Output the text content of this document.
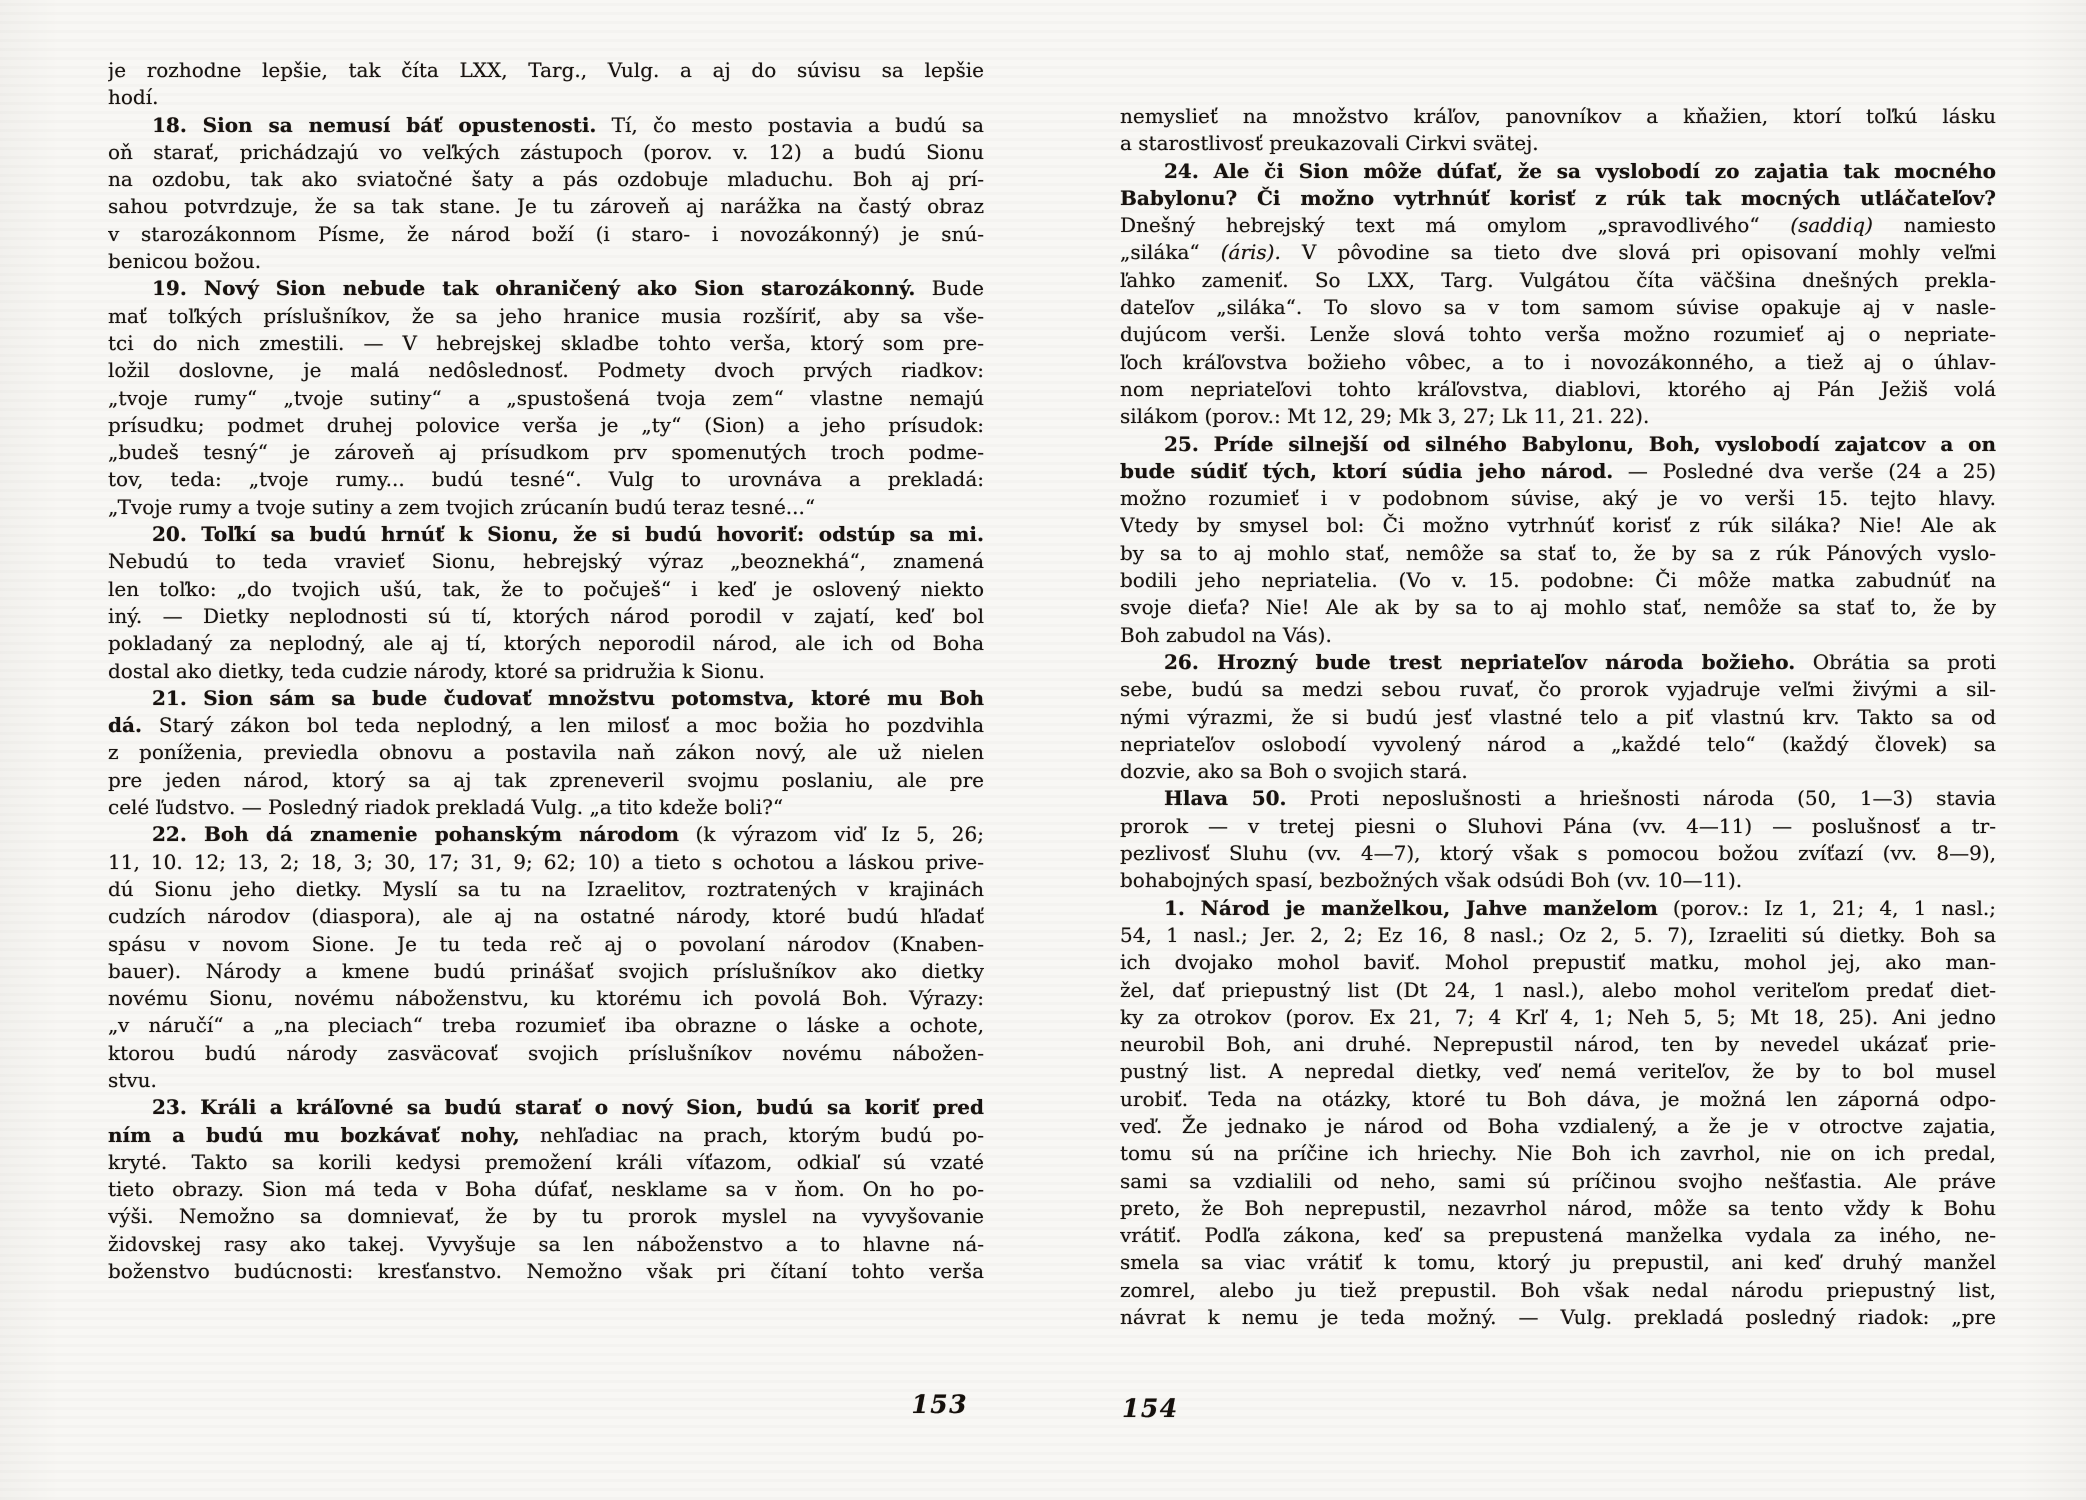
je rozhodne lepšie, tak číta LXX, Targ., Vulg. a aj do súvisu sa lepšie
hodí.
18. Sion sa nemusí báť opustenosti. Tí, čo mesto postavia a budú sa
oň starať, prichádzajú vo veľkých zástupoch (porov. v. 12) a budú Sionu
na ozdobu, tak ako sviatočné šaty a pás ozdobuje mladuchu. Boh aj prí-
sahou potvrdzuje, že sa tak stane. Je tu zároveň aj narážka na častý obraz
v starozákonnom Písme, že národ boží (i staro- i novozákonný) je snú-
benicou božou.
19. Nový Sion nebude tak ohraničený ako Sion starozákonný. Bude
mať toľkých príslušníkov, že sa jeho hranice musia rozšíriť, aby sa vše-
tci do nich zmestili. — V hebrejskej skladbe tohto verša, ktorý som pre-
ložil doslovne, je malá nedôslednosť. Podmety dvoch prvých riadkov:
„tvoje rumy“ „tvoje sutiny“ a „spustošená tvoja zem“ vlastne nemajú
prísudku; podmet druhej polovice verša je „ty“ (Sion) a jeho prísudok:
„budeš tesný“ je zároveň aj prísudkom prv spomenutých troch podme-
tov, teda: „tvoje rumy... budú tesné“. Vulg to urovnáva a prekladá:
„Tvoje rumy a tvoje sutiny a zem tvojich zrúcanín budú teraz tesné...“
20. Toľkí sa budú hrnúť k Sionu, že si budú hovoriť: odstúp sa mi.
Nebudú to teda vravieť Sionu, hebrejský výraz „beoznekhá“, znamená
len toľko: „do tvojich ušú, tak, že to počuješ“ i keď je oslovený niekto
iný. — Dietky neplodnosti sú tí, ktorých národ porodil v zajatí, keď bol
pokladaný za neplodný, ale aj tí, ktorých neporodil národ, ale ich od Boha
dostal ako dietky, teda cudzie národy, ktoré sa pridružia k Sionu.
21. Sion sám sa bude čudovať množstvu potomstva, ktoré mu Boh
dá. Starý zákon bol teda neplodný, a len milosť a moc božia ho pozdvihla
z poníženia, previedla obnovu a postavila naň zákon nový, ale už nielen
pre jeden národ, ktorý sa aj tak zpreneveril svojmu poslaniu, ale pre
celé ľudstvo. — Posledný riadok prekladá Vulg. „a tito kdeže boli?“
22. Boh dá znamenie pohanským národom (k výrazom viď Iz 5, 26;
11, 10. 12; 13, 2; 18, 3; 30, 17; 31, 9; 62; 10) a tieto s ochotou a láskou prive-
dú Sionu jeho dietky. Myslí sa tu na Izraelitov, roztratených v krajinách
cudzích národov (diaspora), ale aj na ostatné národy, ktoré budú hľadať
spásu v novom Sione. Je tu teda reč aj o povolaní národov (Knaben-
bauer). Národy a kmene budú prinášať svojich príslušníkov ako dietky
novému Sionu, novému náboženstvu, ku ktorému ich povolá Boh. Výrazy:
„v náručí“ a „na pleciach“ treba rozumieť iba obrazne o láske a ochote,
ktorou budú národy zasväcovať svojich príslušníkov novému nábožen-
stvu.
23. Králi a kráľovné sa budú starať o nový Sion, budú sa koriť pred
ním a budú mu bozkávať nohy, nehľadiac na prach, ktorým budú po-
kryté. Takto sa korili kedysi premožení králi víťazom, odkiaľ sú vzaté
tieto obrazy. Sion má teda v Boha dúfať, nesklame sa v ňom. On ho po-
výši. Nemožno sa domnievať, že by tu prorok myslel na vyvyšovanie
židovskej rasy ako takej. Vyvyšuje sa len náboženstvo a to hlavne ná-
boženstvo budúcnosti: kresťanstvo. Nemožno však pri čítaní tohto verša
nemyslieť na množstvo kráľov, panovníkov a kňažien, ktorí toľkú lásku
a starostlivosť preukazovali Cirkvi svätej.
24. Ale či Sion môže dúfať, že sa vyslobodí zo zajatia tak mocného
Babylonu? Či možno vytrhnúť korisť z rúk tak mocných utláčateľov?
Dnešný hebrejský text má omylom „spravodlivého“ (saddiq) namiesto
„siláka“ (áris). V pôvodine sa tieto dve slová pri opisovaní mohly veľmi
ľahko zameniť. So LXX, Targ. Vulgátou číta väčšina dnešných prekla-
dateľov „siláka“. To slovo sa v tom samom súvise opakuje aj v nasle-
dujúcom verši. Lenže slová tohto verša možno rozumieť aj o nepriate-
ľoch kráľovstva božieho vôbec, a to i novozákonného, a tiež aj o úhlav-
nom nepriateľovi tohto kráľovstva, diablovi, ktorého aj Pán Ježiš volá
silákom (porov.: Mt 12, 29; Mk 3, 27; Lk 11, 21. 22).
25. Príde silnejší od silného Babylonu, Boh, vyslobodí zajatcov a on
bude súdiť tých, ktorí súdia jeho národ. — Posledné dva verše (24 a 25)
možno rozumieť i v podobnom súvise, aký je vo verši 15. tejto hlavy.
Vtedy by smysel bol: Či možno vytrhnúť korisť z rúk siláka? Nie! Ale ak
by sa to aj mohlo stať, nemôže sa stať to, že by sa z rúk Pánových vyslo-
bodili jeho nepriatelia. (Vo v. 15. podobne: Či môže matka zabudnúť na
svoje dieťa? Nie! Ale ak by sa to aj mohlo stať, nemôže sa stať to, že by
Boh zabudol na Vás).
26. Hrozný bude trest nepriateľov národa božieho. Obrátia sa proti
sebe, budú sa medzi sebou ruvať, čo prorok vyjadruje veľmi živými a sil-
nými výrazmi, že si budú jesť vlastné telo a piť vlastnú krv. Takto sa od
nepriateľov oslobodí vyvolený národ a „každé telo“ (každý človek) sa
dozvie, ako sa Boh o svojich stará.
Hlava 50. Proti neposlušnosti a hriešnosti národa (50, 1—3) stavia
prorok — v tretej piesni o Sluhovi Pána (vv. 4—11) — poslušnosť a tr-
pezlivosť Sluhu (vv. 4—7), ktorý však s pomocou božou zvíťazí (vv. 8—9),
bohabojných spasí, bezbožných však odsúdi Boh (vv. 10—11).
1. Národ je manželkou, Jahve manželom (porov.: Iz 1, 21; 4, 1 nasl.;
54, 1 nasl.; Jer. 2, 2; Ez 16, 8 nasl.; Oz 2, 5. 7), Izraeliti sú dietky. Boh sa
ich dvojako mohol baviť. Mohol prepustiť matku, mohol jej, ako man-
žel, dať priepustný list (Dt 24, 1 nasl.), alebo mohol veriteľom predať diet-
ky za otrokov (porov. Ex 21, 7; 4 Krľ 4, 1; Neh 5, 5; Mt 18, 25). Ani jedno
neurobil Boh, ani druhé. Neprepustil národ, ten by nevedel ukázať prie-
pustný list. A nepredal dietky, veď nemá veriteľov, že by to bol musel
urobiť. Teda na otázky, ktoré tu Boh dáva, je možná len záporná odpo-
veď. Že jednako je národ od Boha vzdialený, a že je v otroctve zajatia,
tomu sú na príčine ich hriechy. Nie Boh ich zavrhol, nie on ich predal,
sami sa vzdialili od neho, sami sú príčinou svojho nešťastia. Ale práve
preto, že Boh neprepustil, nezavrhol národ, môže sa tento vždy k Bohu
vrátiť. Podľa zákona, keď sa prepustená manželka vydala za iného, ne-
smela sa viac vrátiť k tomu, ktorý ju prepustil, ani keď druhý manžel
zomrel, alebo ju tiež prepustil. Boh však nedal národu priepustný list,
návrat k nemu je teda možný. — Vulg. prekladá posledný riadok: „pre
153	154
